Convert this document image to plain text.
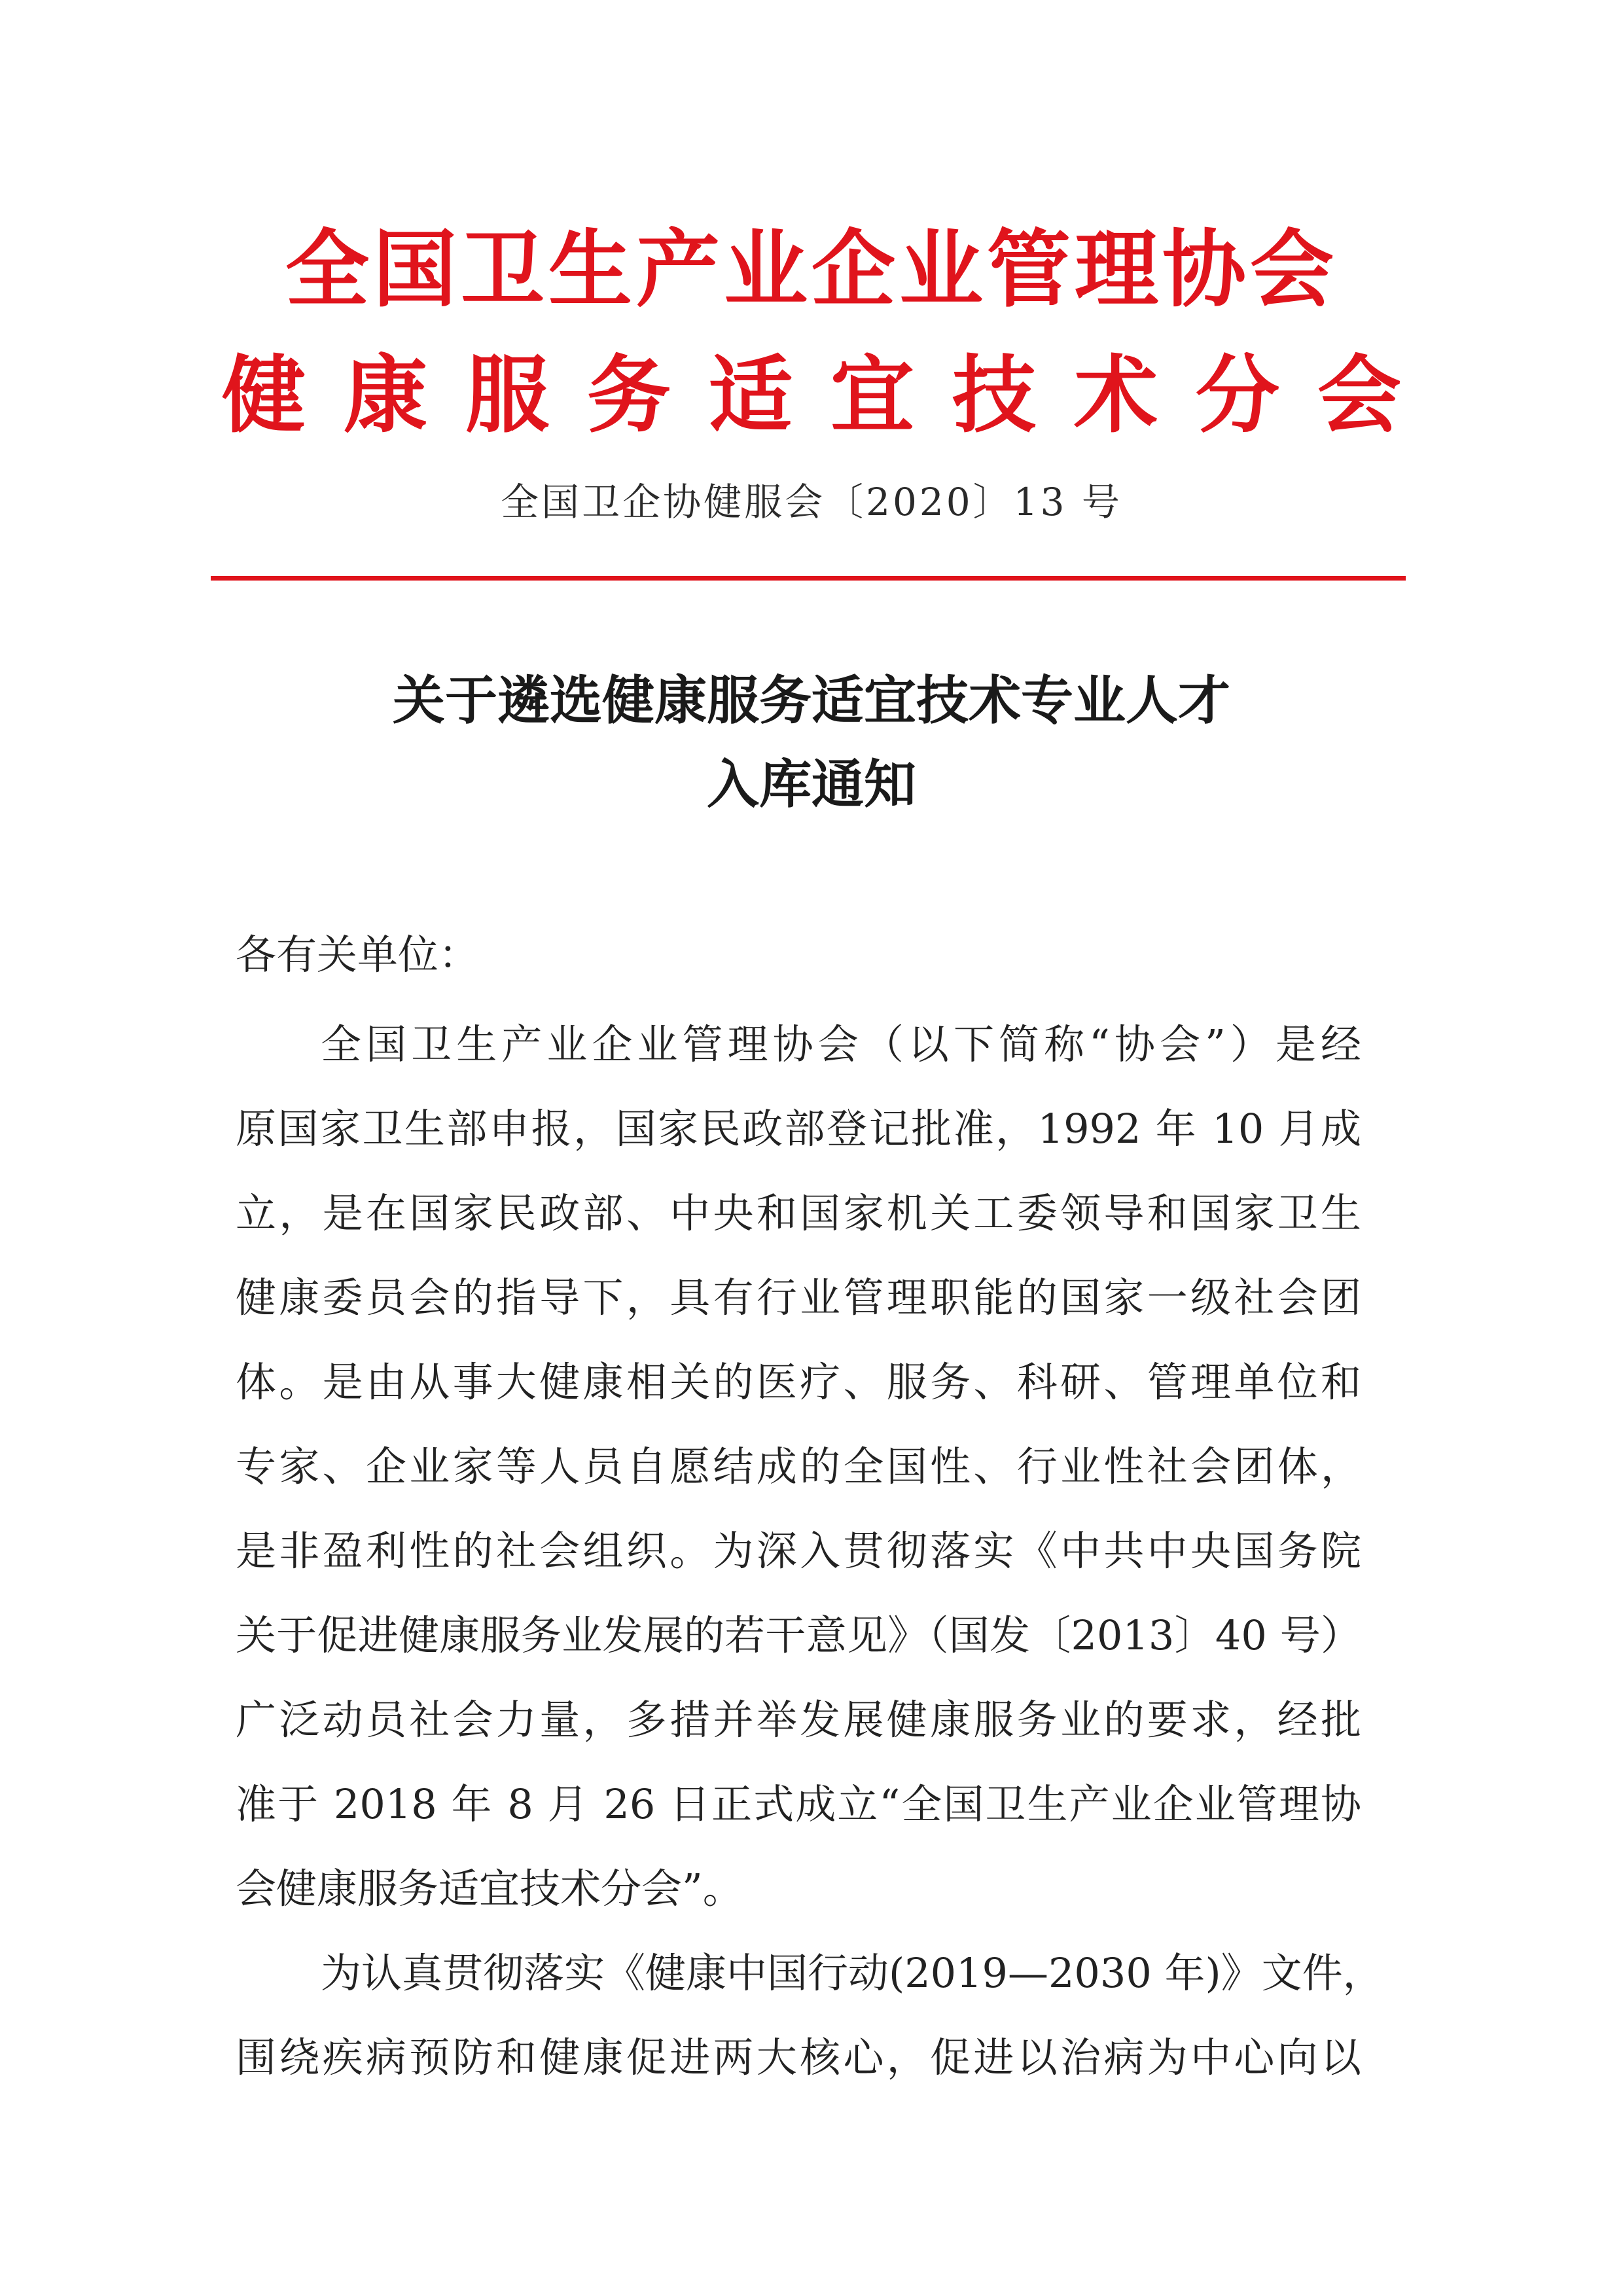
全国卫生产业企业管理协会
健康服务适宜技术分会
全国卫企协健服会〔2020〕13 号
关于遴选健康服务适宜技术专业人才
入库通知
各有关单位：
全国卫生产业企业管理协会（以下简称“协会”）是经
原国家卫生部申报，国家民政部登记批准，1992 年 10 月成
立，是在国家民政部、中央和国家机关工委领导和国家卫生
健康委员会的指导下，具有行业管理职能的国家一级社会团
体。是由从事大健康相关的医疗、服务、科研、管理单位和
专家、企业家等人员自愿结成的全国性、行业性社会团体，
是非盈利性的社会组织。为深入贯彻落实《中共中央国务院
关于促进健康服务业发展的若干意见》（国发〔2013〕40 号）
广泛动员社会力量，多措并举发展健康服务业的要求，经批
准于 2018 年 8 月 26 日正式成立“全国卫生产业企业管理协
会健康服务适宜技术分会”。
为认真贯彻落实《健康中国行动(2019—2030 年)》文件，
围绕疾病预防和健康促进两大核心，促进以治病为中心向以
